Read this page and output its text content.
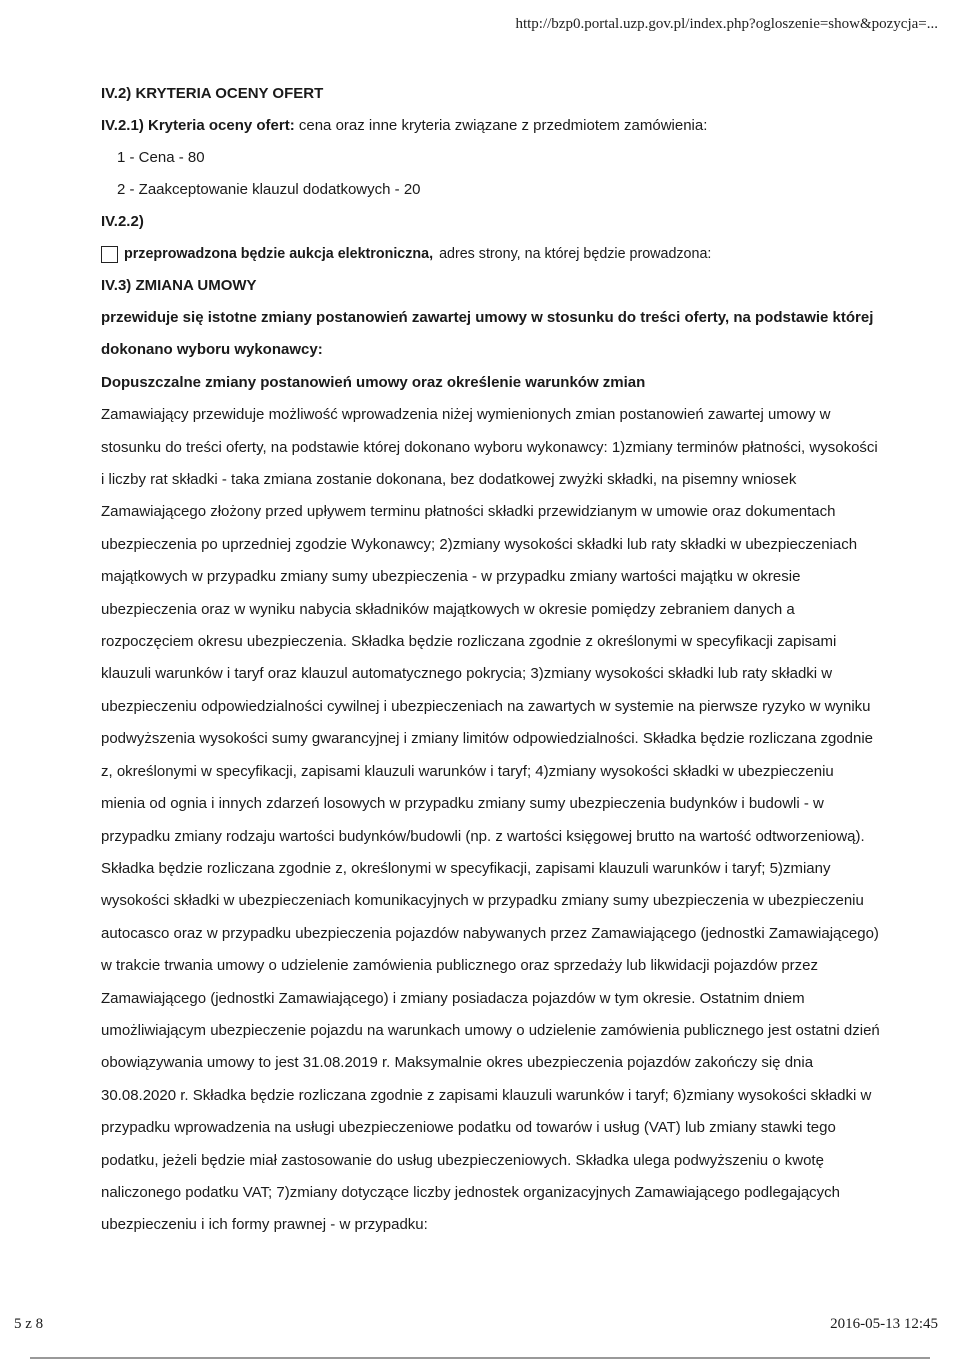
http://bzp0.portal.uzp.gov.pl/index.php?ogloszenie=show&pozycja=...
IV.2) KRYTERIA OCENY OFERT
IV.2.1) Kryteria oceny ofert: cena oraz inne kryteria związane z przedmiotem zamówienia:
1 - Cena - 80
2 - Zaakceptowanie klauzul dodatkowych - 20
IV.2.2)
przeprowadzona będzie aukcja elektroniczna, adres strony, na której będzie prowadzona:
IV.3) ZMIANA UMOWY

przewiduje się istotne zmiany postanowień zawartej umowy w stosunku do treści oferty, na podstawie której dokonano wyboru wykonawcy:

Dopuszczalne zmiany postanowień umowy oraz określenie warunków zmian

Zamawiający przewiduje możliwość wprowadzenia niżej wymienionych zmian postanowień zawartej umowy w stosunku do treści oferty, na podstawie której dokonano wyboru wykonawcy: 1)zmiany terminów płatności, wysokości i liczby rat składki - taka zmiana zostanie dokonana, bez dodatkowej zwyżki składki, na pisemny wniosek Zamawiającego złożony przed upływem terminu płatności składki przewidzianym w umowie oraz dokumentach ubezpieczenia po uprzedniej zgodzie Wykonawcy; 2)zmiany wysokości składki lub raty składki w ubezpieczeniach majątkowych w przypadku zmiany sumy ubezpieczenia - w przypadku zmiany wartości majątku w okresie ubezpieczenia oraz w wyniku nabycia składników majątkowych w okresie pomiędzy zebraniem danych a rozpoczęciem okresu ubezpieczenia. Składka będzie rozliczana zgodnie z określonymi w specyfikacji zapisami klauzuli warunków i taryf oraz klauzul automatycznego pokrycia; 3)zmiany wysokości składki lub raty składki w ubezpieczeniu odpowiedzialności cywilnej i ubezpieczeniach na zawartych w systemie na pierwsze ryzyko w wyniku podwyższenia wysokości sumy gwarancyjnej i zmiany limitów odpowiedzialności. Składka będzie rozliczana zgodnie z, określonymi w specyfikacji, zapisami klauzuli warunków i taryf; 4)zmiany wysokości składki w ubezpieczeniu mienia od ognia i innych zdarzeń losowych w przypadku zmiany sumy ubezpieczenia budynków i budowli - w przypadku zmiany rodzaju wartości budynków/budowli (np. z wartości księgowej brutto na wartość odtworzeniową). Składka będzie rozliczana zgodnie z, określonymi w specyfikacji, zapisami klauzuli warunków i taryf; 5)zmiany wysokości składki w ubezpieczeniach komunikacyjnych w przypadku zmiany sumy ubezpieczenia w ubezpieczeniu autocasco oraz w przypadku ubezpieczenia pojazdów nabywanych przez Zamawiającego (jednostki Zamawiającego) w trakcie trwania umowy o udzielenie zamówienia publicznego oraz sprzedaży lub likwidacji pojazdów przez Zamawiającego (jednostki Zamawiającego) i zmiany posiadacza pojazdów w tym okresie. Ostatnim dniem umożliwiającym ubezpieczenie pojazdu na warunkach umowy o udzielenie zamówienia publicznego jest ostatni dzień obowiązywania umowy to jest 31.08.2019 r. Maksymalnie okres ubezpieczenia pojazdów zakończy się dnia 30.08.2020 r. Składka będzie rozliczana zgodnie z zapisami klauzuli warunków i taryf; 6)zmiany wysokości składki w przypadku wprowadzenia na usługi ubezpieczeniowe podatku od towarów i usług (VAT) lub zmiany stawki tego podatku, jeżeli będzie miał zastosowanie do usług ubezpieczeniowych. Składka ulega podwyższeniu o kwotę naliczonego podatku VAT; 7)zmiany dotyczące liczby jednostek organizacyjnych Zamawiającego podlegających ubezpieczeniu i ich formy prawnej - w przypadku:

5 z 8	2016-05-13 12:45
